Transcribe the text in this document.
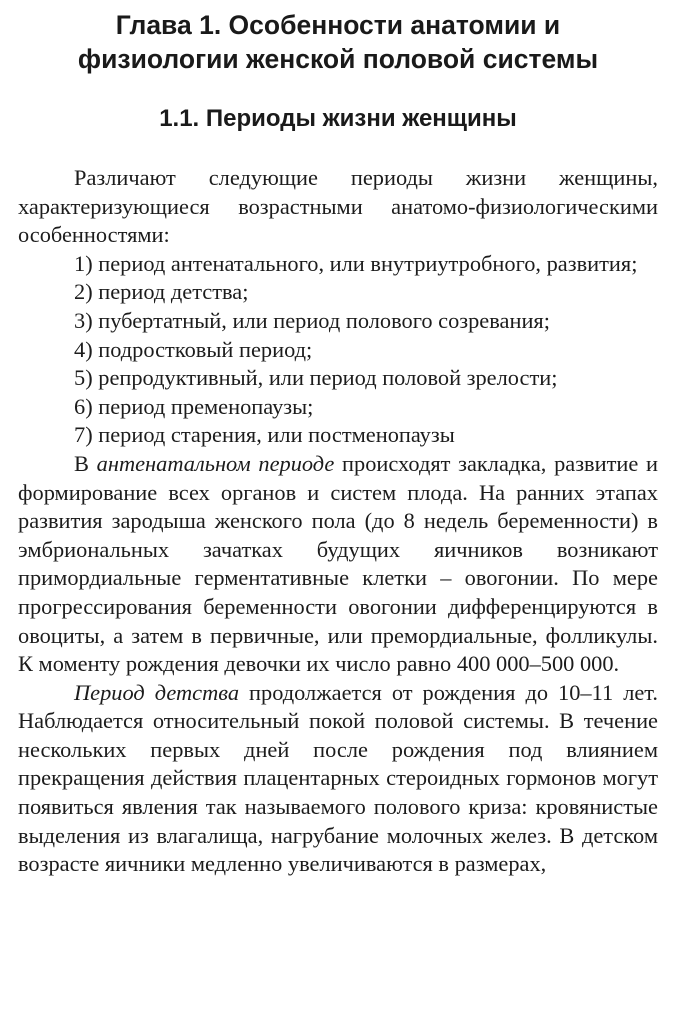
Глава 1. Особенности анатомии и
физиологии женской половой системы
1.1. Периоды жизни женщины

Различают следующие периоды жизни женщины, характеризующиеся возрастными анатомо-физиологическими особенностями:

1) период антенатального, или внутриутробного, развития;

2) период детства;

3) пубертатный, или период полового созревания;

4) подростковый период;

5) репродуктивный, или период половой зрелости;

6) период пременопаузы;

7) период старения, или постменопаузы

В антенатальном периоде происходят закладка, развитие и формирование всех органов и систем плода. На ранних этапах развития зародыша женского пола (до 8 недель беременности) в эмбриональных зачатках будущих яичников возникают примордиальные герментативные клетки – овогонии. По мере прогрессирования беременности овогонии дифференцируются в овоциты, а затем в первичные, или премордиальные, фолликулы. К моменту рождения девочки их число равно 400 000–500 000.

Период детства продолжается от рождения до 10–11 лет. Наблюдается относительный покой половой системы. В течение нескольких первых дней после рождения под влиянием прекращения действия плацентарных стероидных гормонов могут появиться явления так называемого полового криза: кровянистые выделения из влагалища, нагрубание молочных желез. В детском возрасте яичники медленно увеличиваются в размерах,
